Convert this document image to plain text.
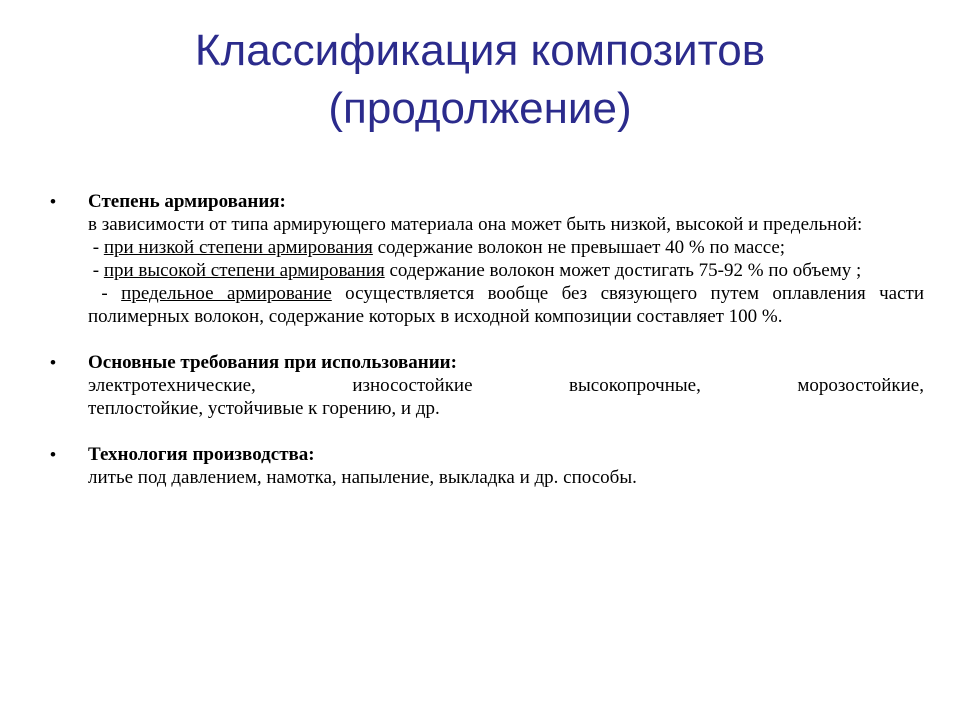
Классификация композитов
(продолжение)
• Степень армирования:
в зависимости от типа армирующего материала она может быть низкой, высокой и предельной:
- при низкой степени армирования содержание волокон не превышает 40 % по массе;
- при высокой степени армирования содержание волокон может достигать 75-92 % по объему ;
- предельное армирование осуществляется вообще без связующего путем оплавления части полимерных волокон, содержание которых в исходной композиции составляет 100 %.
• Основные требования при использовании:
электротехнические, износостойкие высокопрочные, морозостойкие,
теплостойкие, устойчивые к горению, и др.
• Технология производства:
литье под давлением, намотка, напыление, выкладка и др. способы.
